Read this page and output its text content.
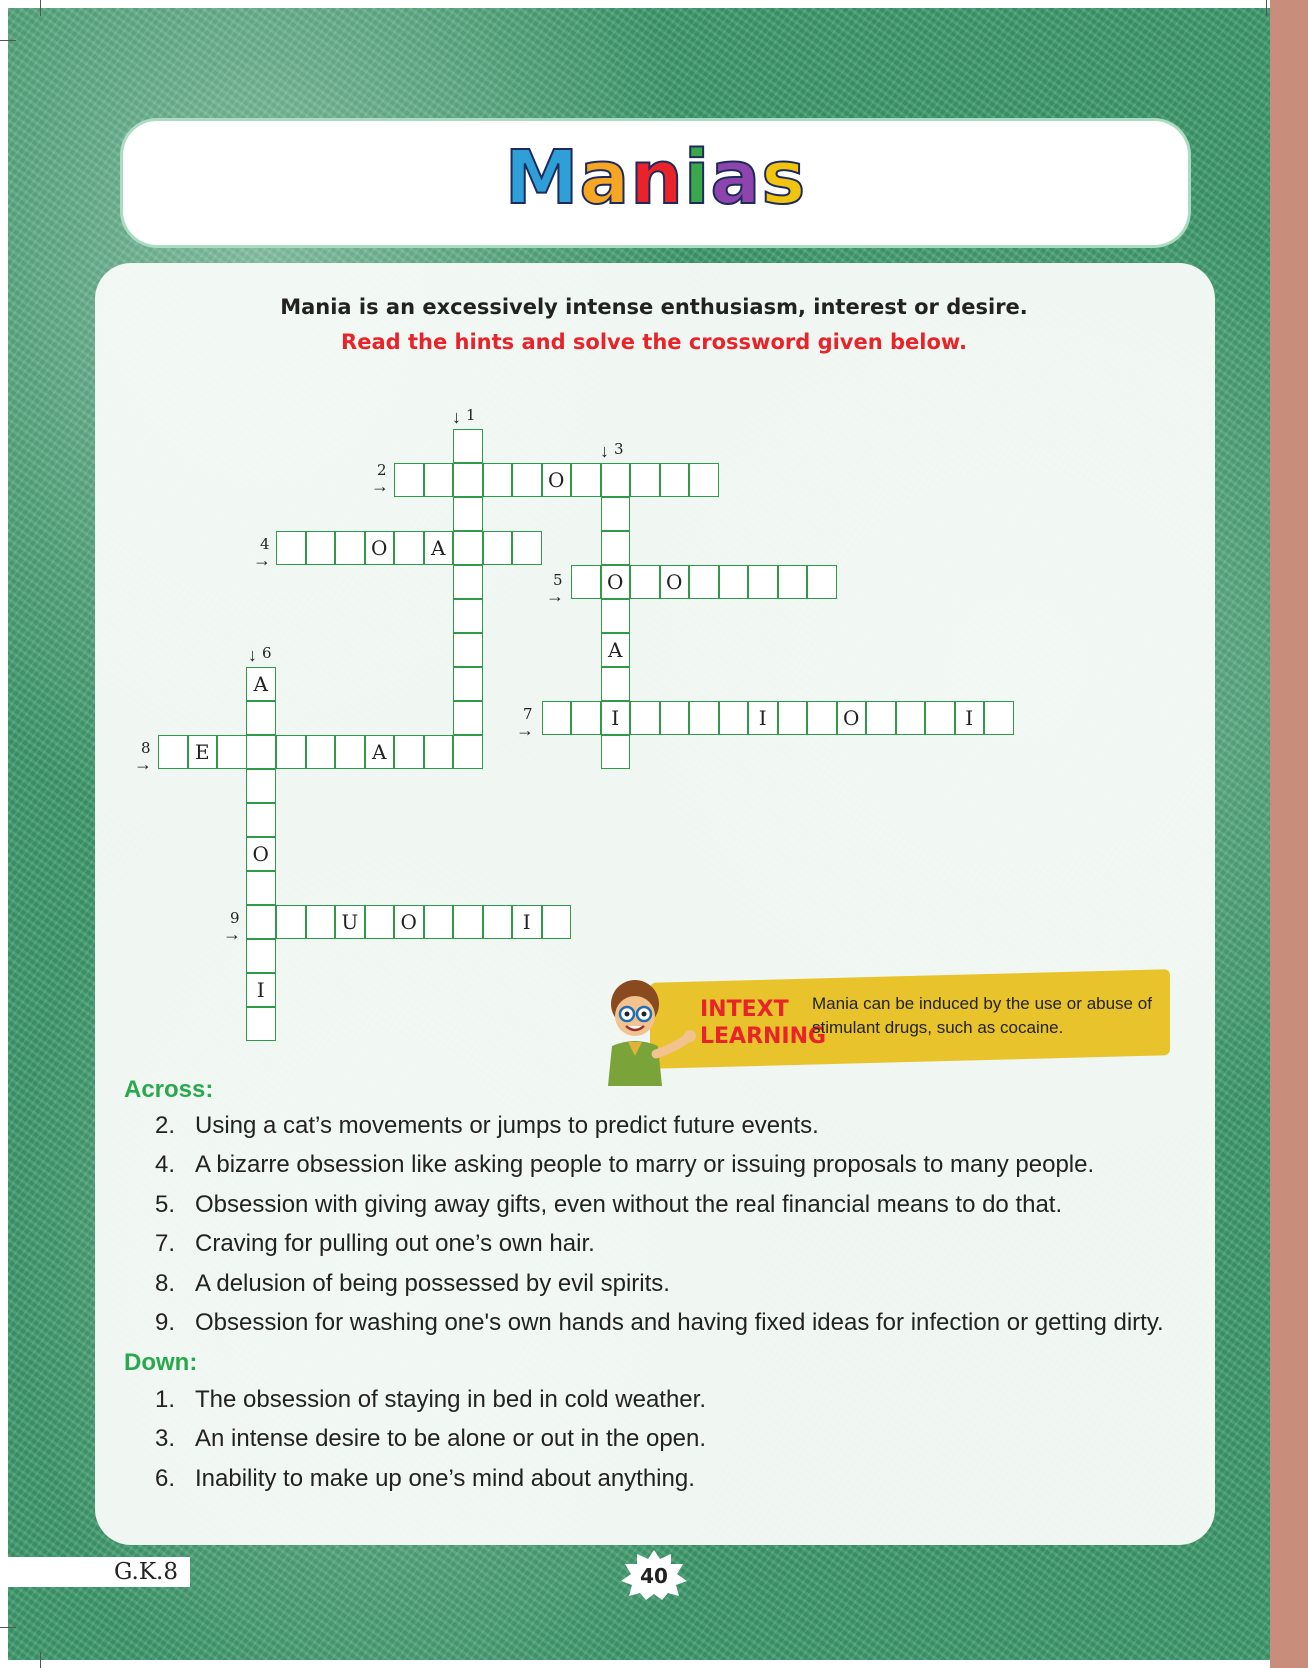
Manias
Mania is an excessively intense enthusiasm, interest or desire.
Read the hints and solve the crossword given below.
↓ 1
2
→	O
↓ 3
A
4
→	O	A
5
→
O	O
↓ 6
A
O
I
7
→	I	I	O	I
8
→	E	A
9
→	U	O	I
INTEXT
LEARNING
Mania can be induced by the use or abuse of stimulant drugs, such as cocaine.
Across:
2. Using a cat’s movements or jumps to predict future events.
4. A bizarre obsession like asking people to marry or issuing proposals to many people.
5. Obsession with giving away gifts, even without the real financial means to do that.
7. Craving for pulling out one’s own hair.
8. A delusion of being possessed by evil spirits.
9. Obsession for washing one's own hands and having fixed ideas for infection or getting dirty.
Down:
1. The obsession of staying in bed in cold weather.
3. An intense desire to be alone or out in the open.
6. Inability to make up one’s mind about anything.
G.K.8	40
